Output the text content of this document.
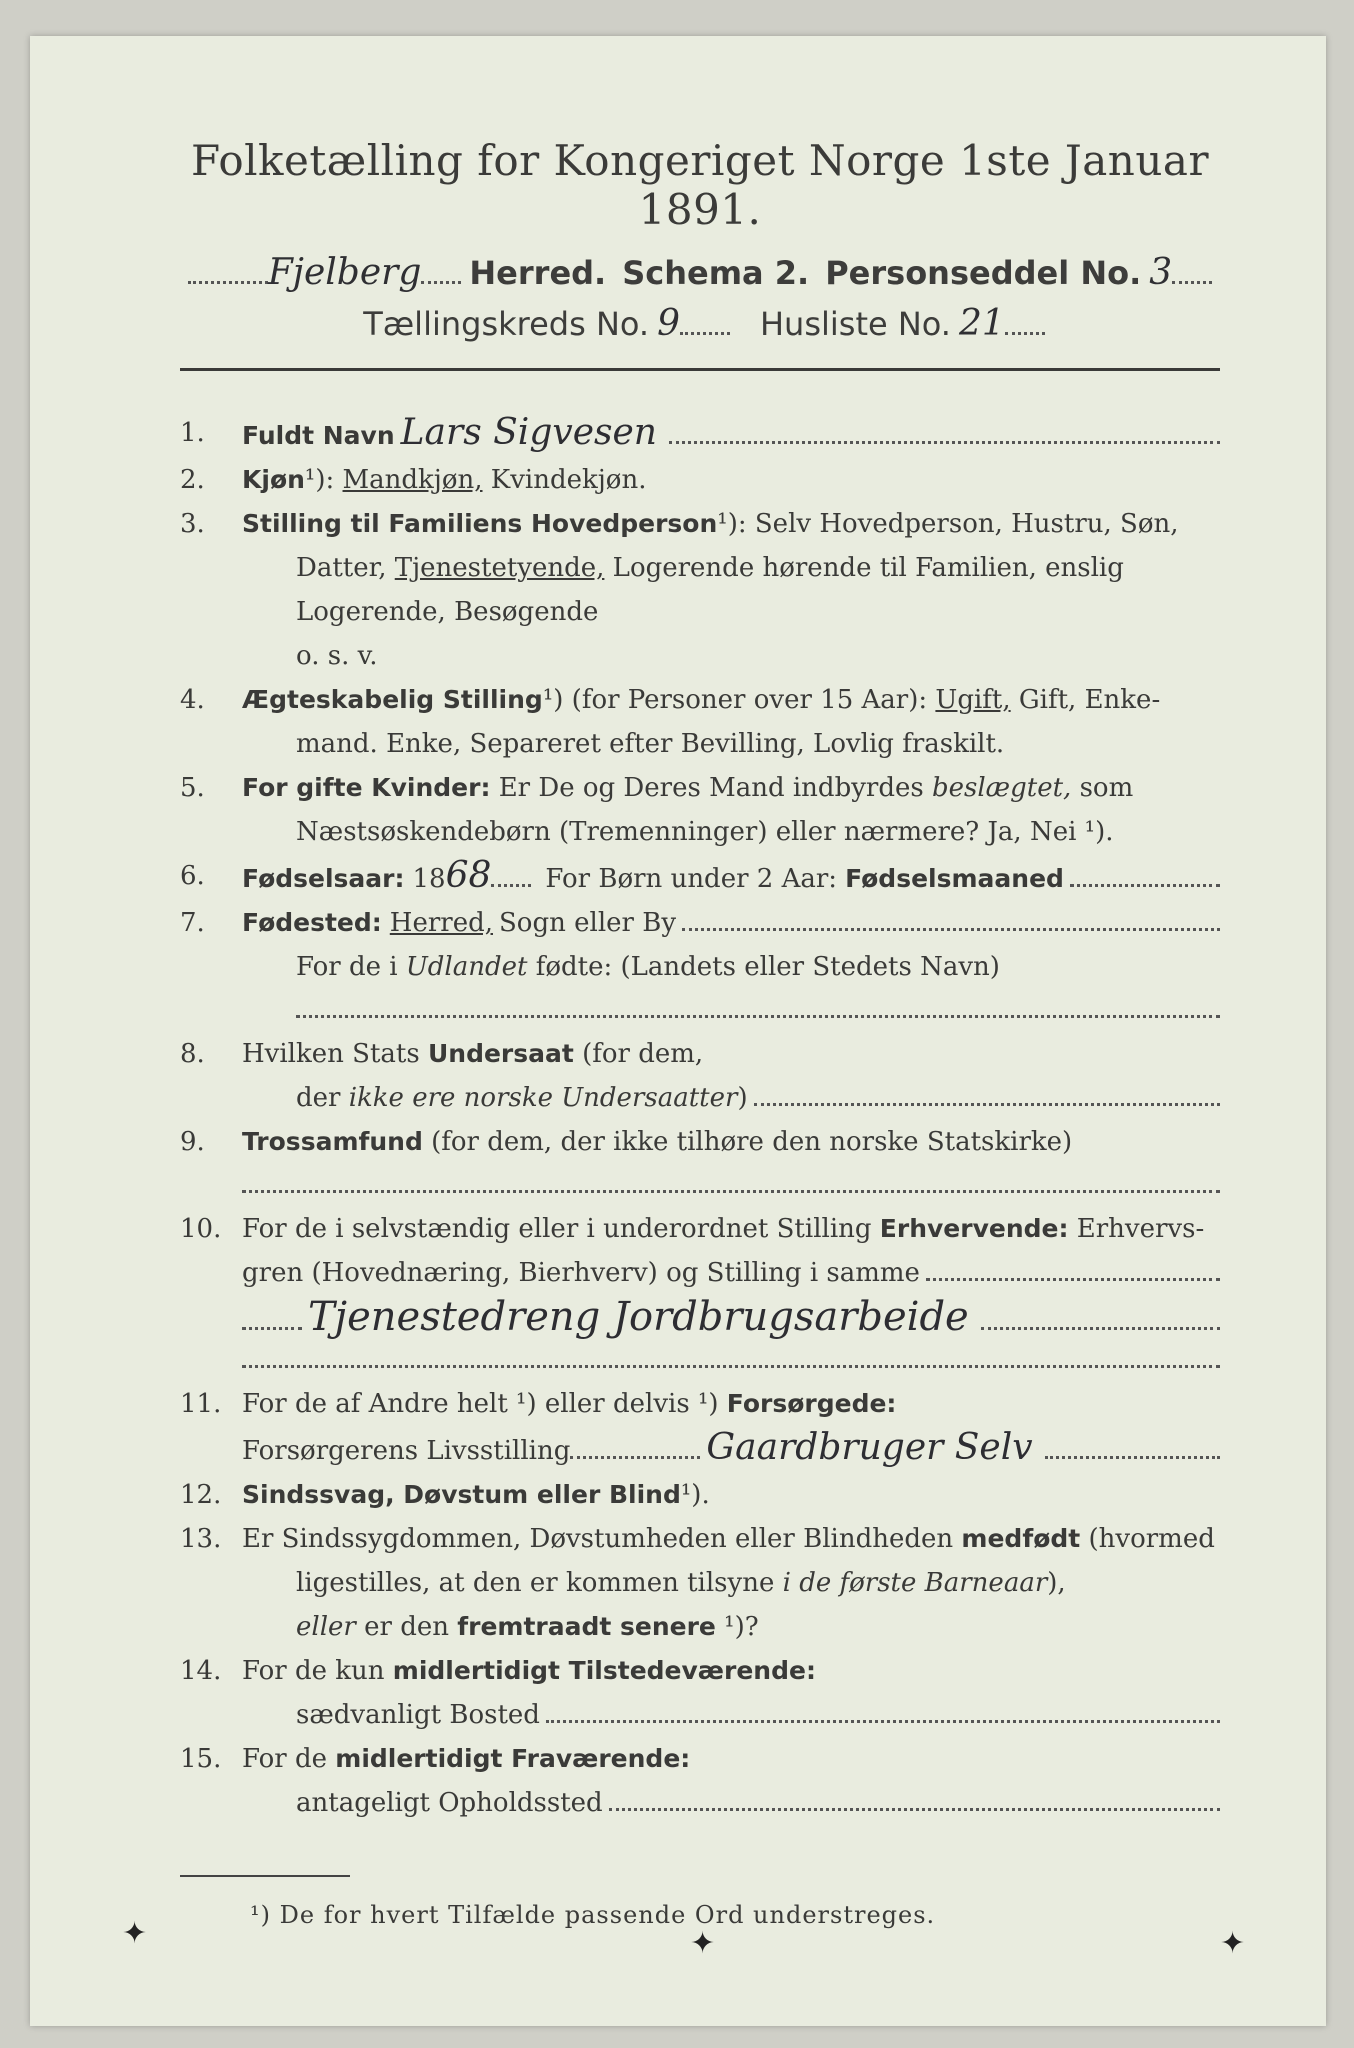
Folketælling for Kongeriget Norge 1ste Januar 1891.
Fjelberg Herred. Schema 2. Personseddel No. 3
Tællingskreds No. 9	Husliste No. 21
1.	Fuldt Navn Lars Sigvesen
2.	Kjøn¹): Mandkjøn, Kvindekjøn.
3.	Stilling til Familiens Hovedperson¹): Selv Hovedperson, Hustru, Søn,
Datter, Tjenestetyende, Logerende hørende til Familien, enslig
Logerende, Besøgende
o. s. v.
4.	Ægteskabelig Stilling¹) (for Personer over 15 Aar): Ugift, Gift, Enke-
mand. Enke, Separeret efter Bevilling, Lovlig fraskilt.
5.	For gifte Kvinder: Er De og Deres Mand indbyrdes beslægtet, som
Næstsøskendebørn (Tremenninger) eller nærmere? Ja, Nei ¹).
6.	Fødselsaar: 18 68 For Børn under 2 Aar: Fødselsmaaned
7.	Fødested: Herred, Sogn eller By
For de i Udlandet fødte: (Landets eller Stedets Navn)
8.	Hvilken Stats Undersaat (for dem,
der
ikke ere norske Undersaatter )
9.	Trossamfund (for dem, der ikke tilhøre den norske Statskirke)
10. For de i selvstændig eller i underordnet Stilling Erhvervende: Erhvervs-
gren (Hovednæring, Bierhverv) og Stilling i samme
Tjenestedreng Jordbrugsarbeide
11. For de af Andre helt ¹) eller delvis ¹) Forsørgede:
Forsørgerens Livsstilling	Gaardbruger Selv
12. Sindssvag, Døvstum eller Blind¹).
13. Er Sindssygdommen, Døvstumheden eller Blindheden medfødt (hvormed
ligestilles, at den er kommen tilsyne i de første Barneaar),
eller er den fremtraadt senere ¹)?
14. For de kun midlertidigt Tilstedeværende:
sædvanligt Bosted
15. For de midlertidigt Fraværende:
antageligt Opholdssted
¹) De for hvert Tilfælde passende Ord understreges.
✦	✦	✦
